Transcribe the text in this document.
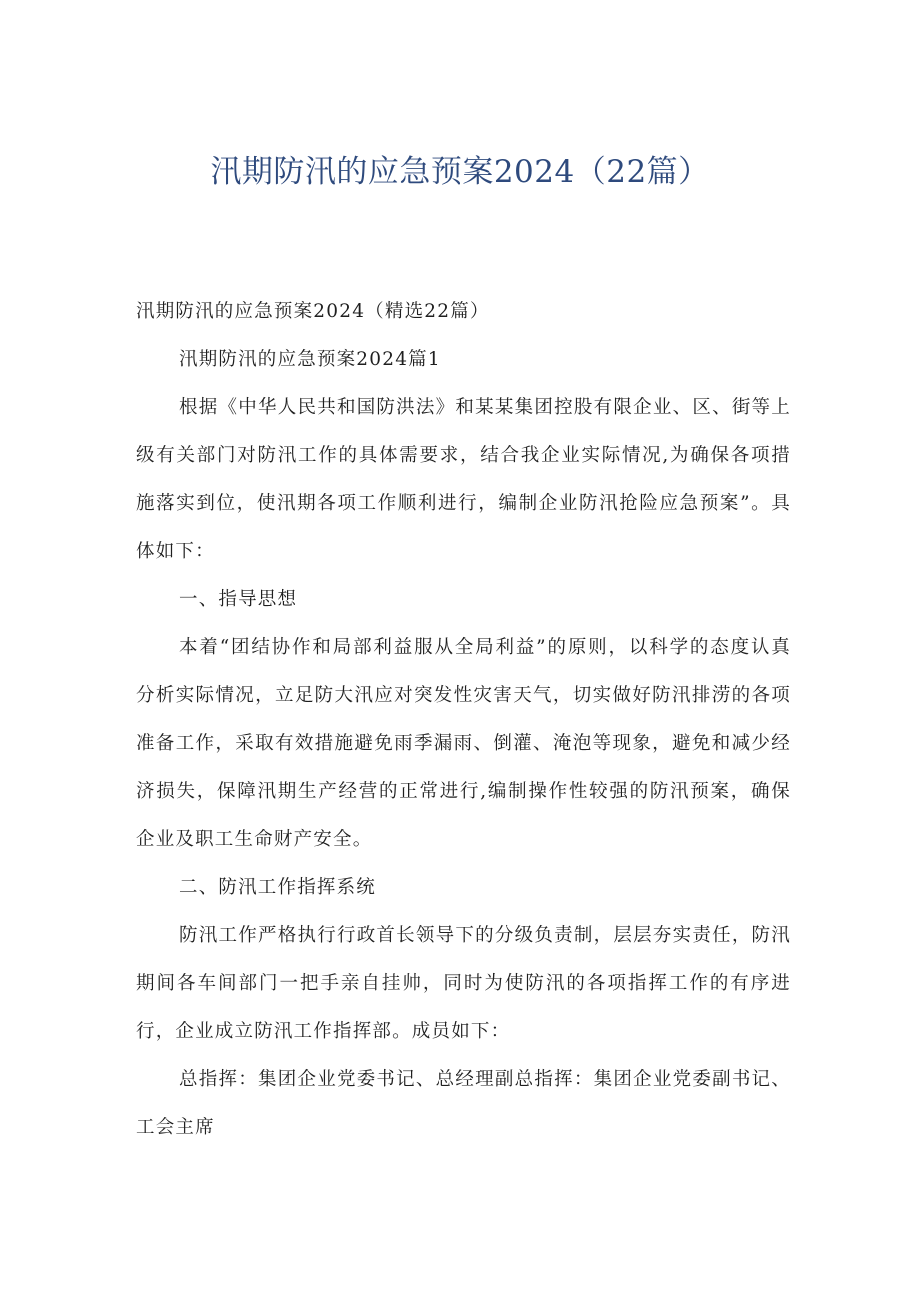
汛期防汛的应急预案2024（22篇）

汛期防汛的应急预案2024（精选22篇）

汛期防汛的应急预案2024篇1

根据《中华人民共和国防洪法》和某某集团控股有限企业、区、街等上级有关部门对防汛工作的具体需要求，结合我企业实际情况,为确保各项措施落实到位，使汛期各项工作顺利进行，编制企业防汛抢险应急预案”。具体如下：

一、指导思想

本着“团结协作和局部利益服从全局利益”的原则，以科学的态度认真分析实际情况，立足防大汛应对突发性灾害天气，切实做好防汛排涝的各项准备工作，采取有效措施避免雨季漏雨、倒灌、淹泡等现象，避免和减少经济损失，保障汛期生产经营的正常进行,编制操作性较强的防汛预案，确保企业及职工生命财产安全。

二、防汛工作指挥系统

防汛工作严格执行行政首长领导下的分级负责制，层层夯实责任，防汛期间各车间部门一把手亲自挂帅，同时为使防汛的各项指挥工作的有序进行，企业成立防汛工作指挥部。成员如下：

总指挥：集团企业党委书记、总经理副总指挥：集团企业党委副书记、工会主席
